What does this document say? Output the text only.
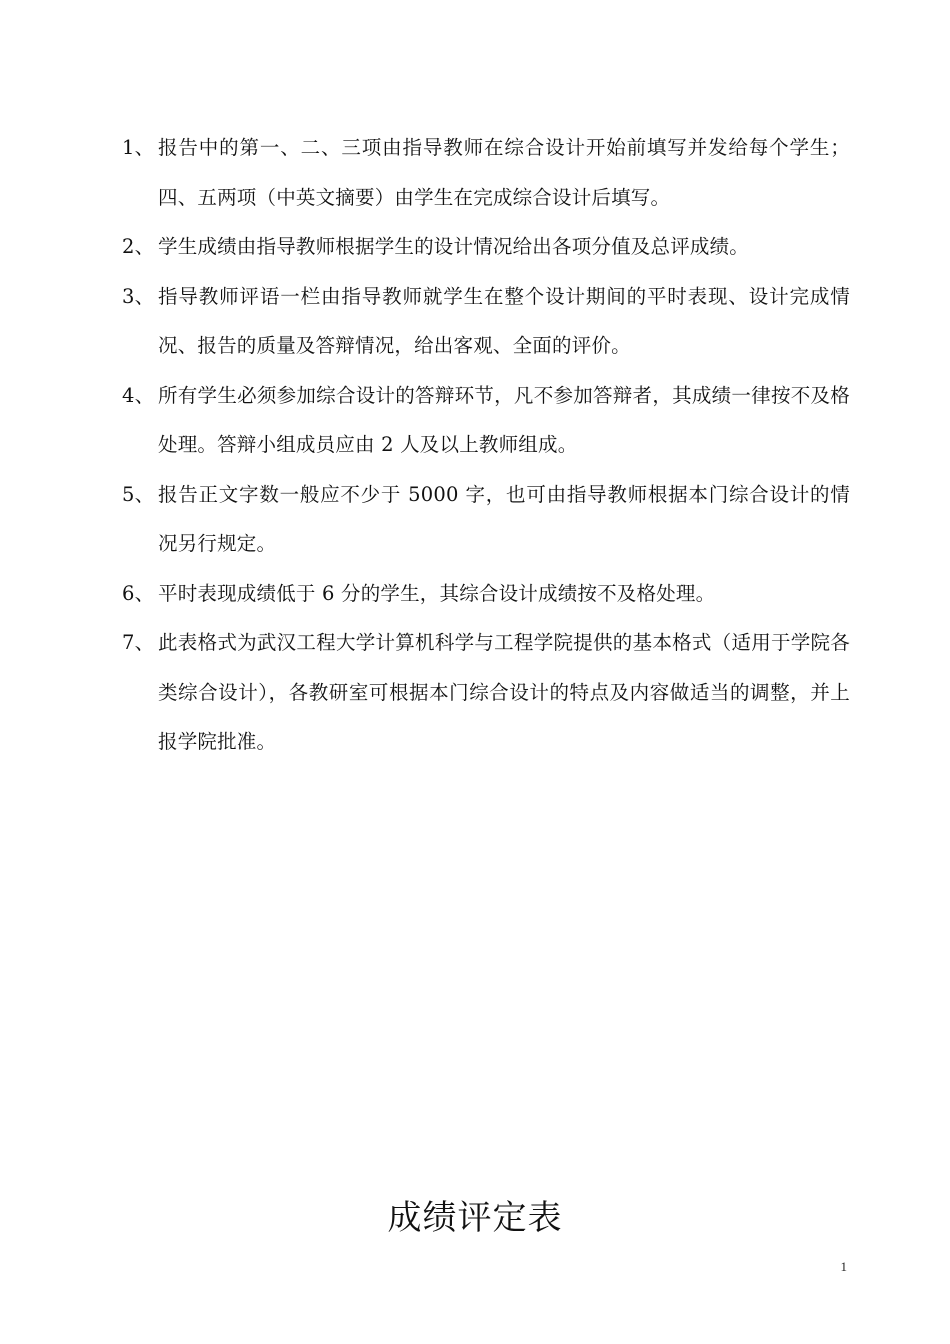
1、 报告中的第一、二、三项由指导教师在综合设计开始前填写并发给每个学生；四、五两项（中英文摘要）由学生在完成综合设计后填写。
2、 学生成绩由指导教师根据学生的设计情况给出各项分值及总评成绩。
3、 指导教师评语一栏由指导教师就学生在整个设计期间的平时表现、设计完成情况、报告的质量及答辩情况，给出客观、全面的评价。
4、 所有学生必须参加综合设计的答辩环节，凡不参加答辩者，其成绩一律按不及格处理。答辩小组成员应由 2 人及以上教师组成。
5、 报告正文字数一般应不少于 5000 字，也可由指导教师根据本门综合设计的情况另行规定。
6、 平时表现成绩低于 6 分的学生，其综合设计成绩按不及格处理。
7、 此表格式为武汉工程大学计算机科学与工程学院提供的基本格式（适用于学院各类综合设计），各教研室可根据本门综合设计的特点及内容做适当的调整，并上报学院批准。
成绩评定表
1
